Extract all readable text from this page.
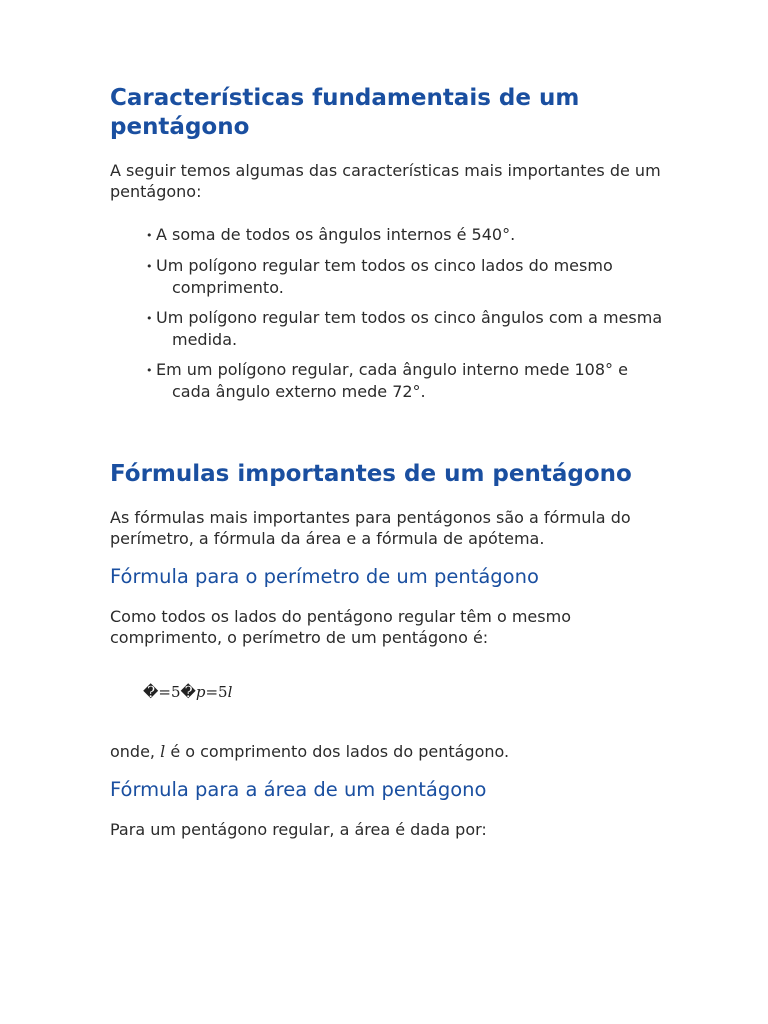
Características fundamentais de um pentágono

A seguir temos algumas das características mais importantes de um pentágono:

• A soma de todos os ângulos internos é 540°.
• Um polígono regular tem todos os cinco lados do mesmo comprimento.
• Um polígono regular tem todos os cinco ângulos com a mesma medida.
• Em um polígono regular, cada ângulo interno mede 108° e cada ângulo externo mede 72°.
Fórmulas importantes de um pentágono

As fórmulas mais importantes para pentágonos são a fórmula do perímetro, a fórmula da área e a fórmula de apótema.

Fórmula para o perímetro de um pentágono

Como todos os lados do pentágono regular têm o mesmo comprimento, o perímetro de um pentágono é:

�=5�p=5l

onde, l é o comprimento dos lados do pentágono.

Fórmula para a área de um pentágono

Para um pentágono regular, a área é dada por:
